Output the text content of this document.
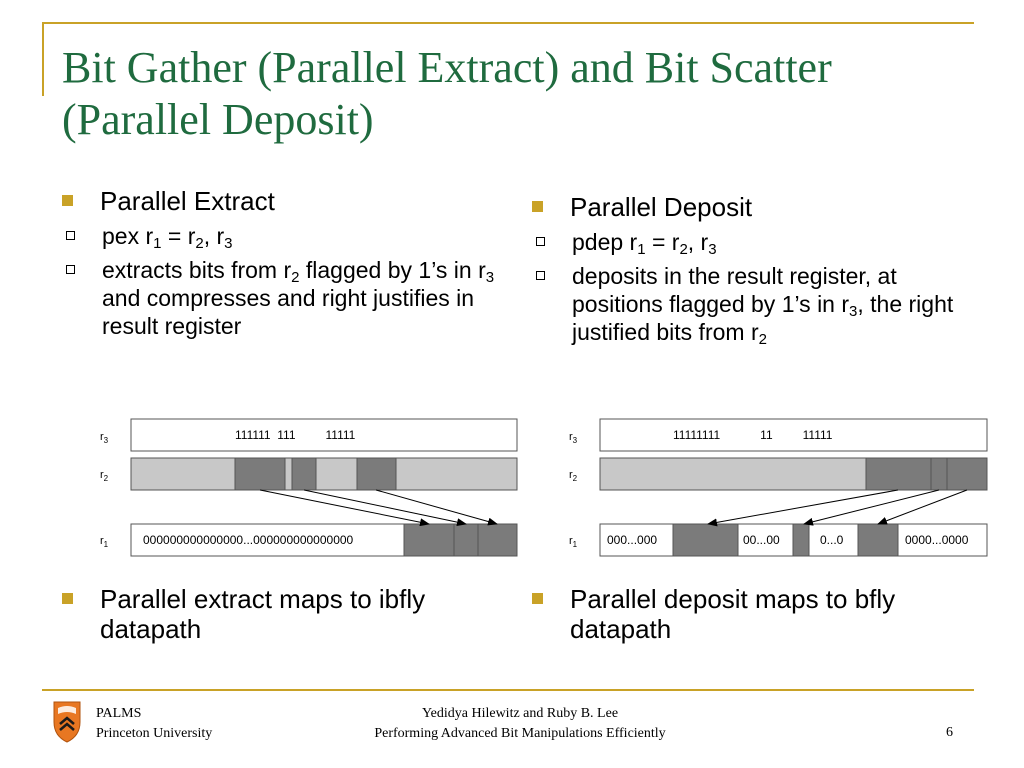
Bit Gather (Parallel Extract) and Bit Scatter (Parallel Deposit)
Parallel Extract
pex $r_1 = r_2$, $r_3$
extracts bits from $r_2$ flagged by 1’s in $r_3$ and compresses and right justifies in result register
Parallel Deposit
pdep $r_1 = r_2$, $r_3$
deposits in the result register, at positions flagged by 1’s in $r_3$, the right justified bits from $r_2$
$r_3$	111111  111         11111
$r_2$
$r_1$	000000000000000...000000000000000
$r_3$	11111111            11         11111
$r_2$
$r_1$ 000...000	00...00	0...0	0000...0000
Parallel extract maps to ibfly datapath
Parallel deposit maps to bfly datapath
PALMS
Princeton University
Yedidya Hilewitz and Ruby B. Lee
Performing Advanced Bit Manipulations Efficiently	6
